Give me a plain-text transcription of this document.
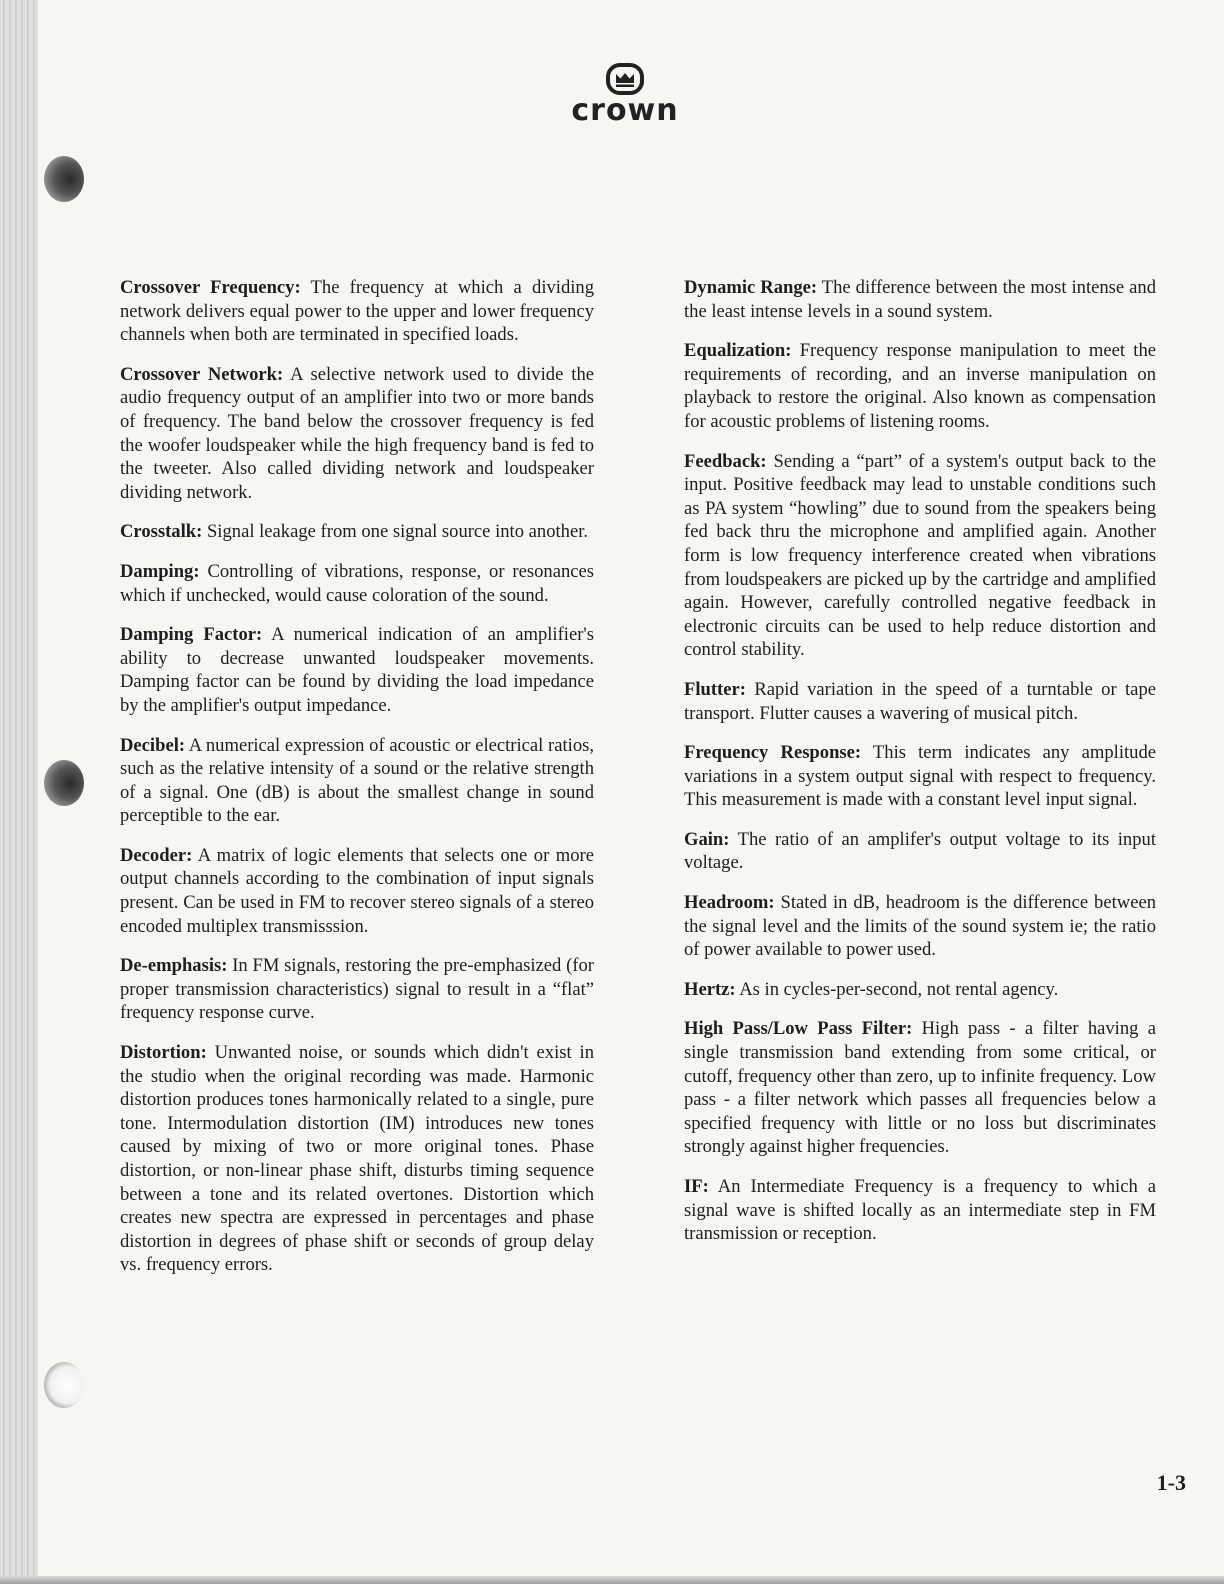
crown

Crossover Frequency: The frequency at which a dividing network delivers equal power to the upper and lower frequency channels when both are terminated in specified loads.

Crossover Network: A selective network used to divide the audio frequency output of an amplifier into two or more bands of frequency. The band below the crossover frequency is fed the woofer loudspeaker while the high frequency band is fed to the tweeter. Also called dividing network and loudspeaker dividing network.

Crosstalk: Signal leakage from one signal source into another.

Damping: Controlling of vibrations, response, or resonances which if unchecked, would cause coloration of the sound.

Damping Factor: A numerical indication of an amplifier's ability to decrease unwanted loudspeaker movements. Damping factor can be found by dividing the load impedance by the amplifier's output impedance.

Decibel: A numerical expression of acoustic or electrical ratios, such as the relative intensity of a sound or the relative strength of a signal. One (dB) is about the smallest change in sound perceptible to the ear.

Decoder: A matrix of logic elements that selects one or more output channels according to the combination of input signals present. Can be used in FM to recover stereo signals of a stereo encoded multiplex transmisssion.

De-emphasis: In FM signals, restoring the pre-emphasized (for proper transmission characteristics) signal to result in a “flat” frequency response curve.

Distortion: Unwanted noise, or sounds which didn't exist in the studio when the original recording was made. Harmonic distortion produces tones harmonically related to a single, pure tone. Intermodulation distortion (IM) introduces new tones caused by mixing of two or more original tones. Phase distortion, or non-linear phase shift, disturbs timing sequence between a tone and its related overtones. Distortion which creates new spectra are expressed in percentages and phase distortion in degrees of phase shift or seconds of group delay vs. frequency errors.

Dynamic Range: The difference between the most intense and the least intense levels in a sound system.

Equalization: Frequency response manipulation to meet the requirements of recording, and an inverse manipulation on playback to restore the original. Also known as compensation for acoustic problems of listening rooms.

Feedback: Sending a “part” of a system's output back to the input. Positive feedback may lead to unstable conditions such as PA system “howling” due to sound from the speakers being fed back thru the microphone and amplified again. Another form is low frequency interference created when vibrations from loudspeakers are picked up by the cartridge and amplified again. However, carefully controlled negative feedback in electronic circuits can be used to help reduce distortion and control stability.

Flutter: Rapid variation in the speed of a turntable or tape transport. Flutter causes a wavering of musical pitch.

Frequency Response: This term indicates any amplitude variations in a system output signal with respect to frequency. This measurement is made with a constant level input signal.

Gain: The ratio of an amplifer's output voltage to its input voltage.

Headroom: Stated in dB, headroom is the difference between the signal level and the limits of the sound system ie; the ratio of power available to power used.

Hertz: As in cycles-per-second, not rental agency.

High Pass/Low Pass Filter: High pass - a filter having a single transmission band extending from some critical, or cutoff, frequency other than zero, up to infinite frequency. Low pass - a filter network which passes all frequencies below a specified frequency with little or no loss but discriminates strongly against higher frequencies.

IF: An Intermediate Frequency is a frequency to which a signal wave is shifted locally as an intermediate step in FM transmission or reception.

1-3
